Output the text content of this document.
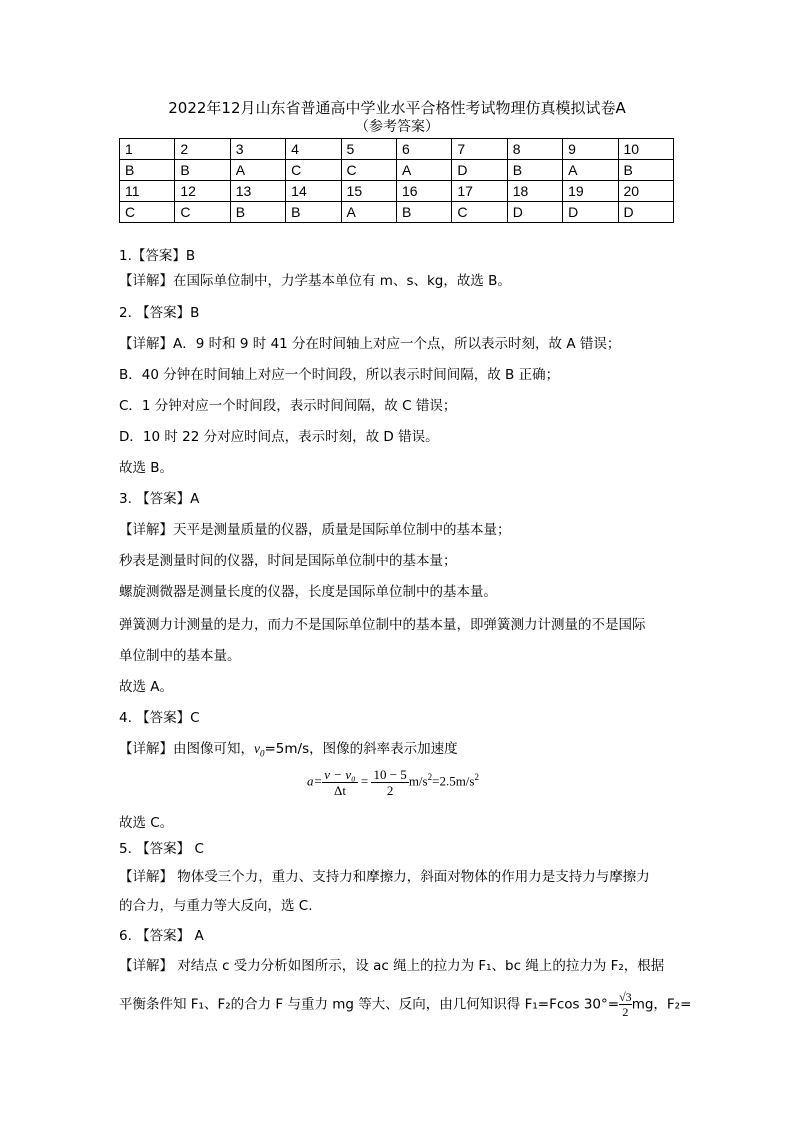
2022年12月山东省普通高中学业水平合格性考试物理仿真模拟试卷A
（参考答案）
1	2	3	4	5	6	7	8	9	10
B	B	A	C	C	A	D	B	A	B
11	12	13	14	15	16	17	18	19	20
C	C	B	B	A	B	C	D	D	D
1.【答案】B
【详解】在国际单位制中，力学基本单位有 m、s、kg，故选 B。
2. 【答案】B
【详解】A．9 时和 9 时 41 分在时间轴上对应一个点，所以表示时刻，故 A 错误；
B．40 分钟在时间轴上对应一个时间段，所以表示时间间隔，故 B 正确；
C．1 分钟对应一个时间段，表示时间间隔，故 C 错误；
D．10 时 22 分对应时间点，表示时刻，故 D 错误。
故选 B。
3. 【答案】A
【详解】天平是测量质量的仪器，质量是国际单位制中的基本量；
秒表是测量时间的仪器，时间是国际单位制中的基本量；
螺旋测微器是测量长度的仪器，长度是国际单位制中的基本量。
弹簧测力计测量的是力，而力不是国际单位制中的基本量，即弹簧测力计测量的不是国际
单位制中的基本量。
故选 A。
4. 【答案】C
【详解】由图像可知，$v_0=5m/s$，图像的斜率表示加速度
$a= \frac{\text{v − v₀}}{\Delta t} = \frac{10 - 5}{2} m/s^2=2.5m/s^2$
故选 C。
5. 【答案】 C
【详解】 物体受三个力，重力、支持力和摩擦力，斜面对物体的作用力是支持力与摩擦力
的合力，与重力等大反向，选 C.
6. 【答案】 A
【详解】 对结点 c 受力分析如图所示，设 ac 绳上的拉力为 F₁、bc 绳上的拉力为 F₂，根据
平衡条件知 F₁、F₂的合力 F 与重力 mg 等大、反向，由几何知识得 F₁=Fcos $30^\circ= \frac{√3}{2}$ mg，F₂=
